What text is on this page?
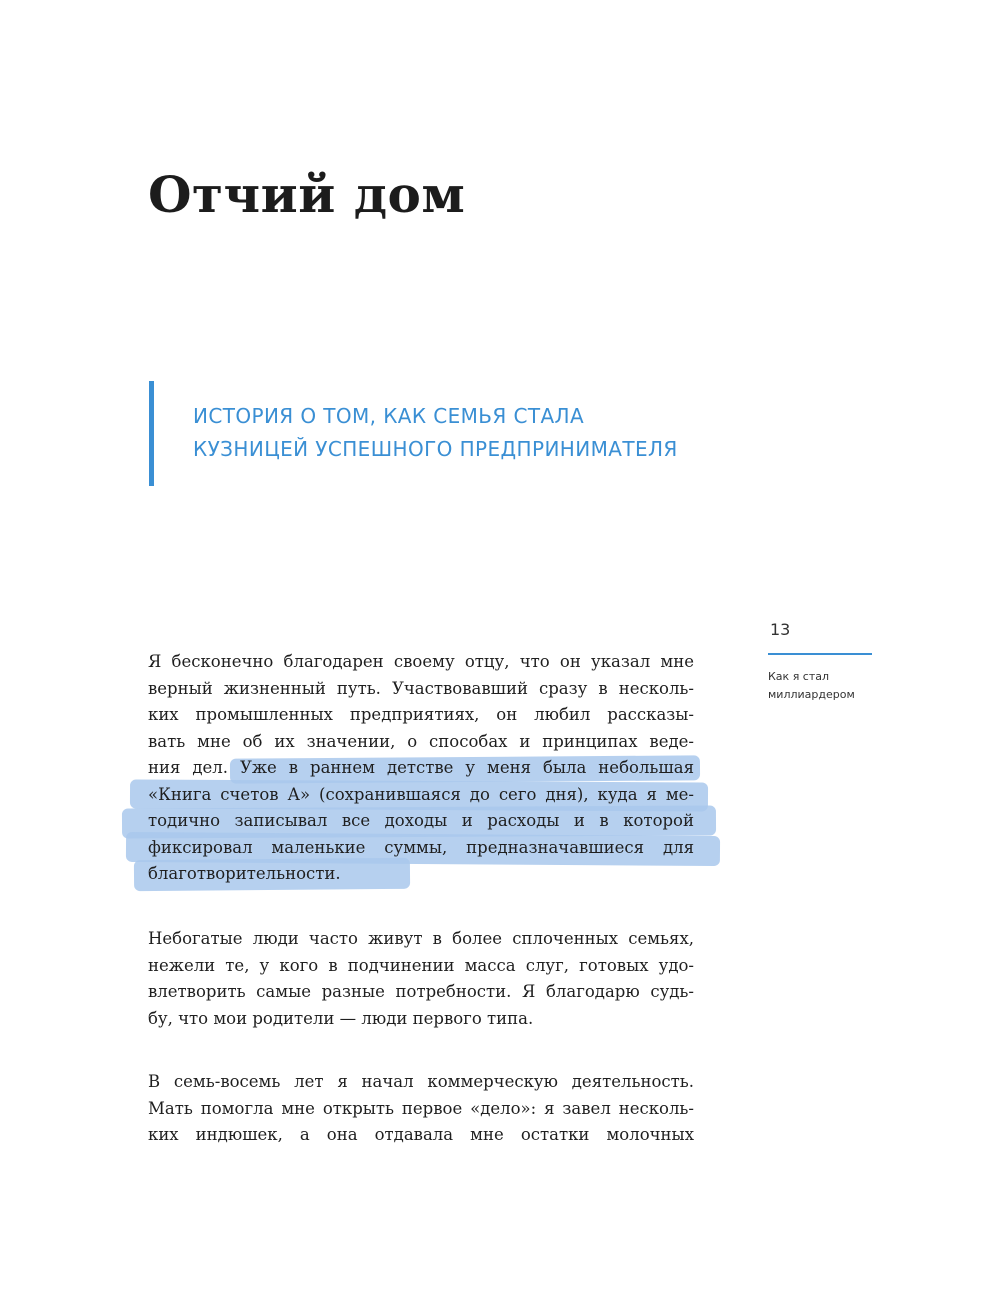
Отчий дом
ИСТОРИЯ О ТОМ, КАК СЕМЬЯ СТАЛА
КУЗНИЦЕЙ УСПЕШНОГО ПРЕДПРИНИМАТЕЛЯ
13
Как я стал
миллиардером
Я бесконечно благодарен своему отцу, что он указал мне
верный жизненный путь. Участвовавший сразу в несколь-
ких промышленных предприятиях, он любил рассказы-
вать мне об их значении, о способах и принципах веде-
ния дел. Уже в раннем детстве у меня была небольшая
«Книга счетов А» (сохранившаяся до сего дня), куда я ме-
тодично записывал все доходы и расходы и в которой
фиксировал маленькие суммы, предназначавшиеся для
благотворительности.
Небогатые люди часто живут в более сплоченных семьях,
нежели те, у кого в подчинении масса слуг, готовых удо-
влетворить самые разные потребности. Я благодарю судь-
бу, что мои родители — люди первого типа.
В семь-восемь лет я начал коммерческую деятельность.
Мать помогла мне открыть первое «дело»: я завел несколь-
ких индюшек, а она отдавала мне остатки молочных
